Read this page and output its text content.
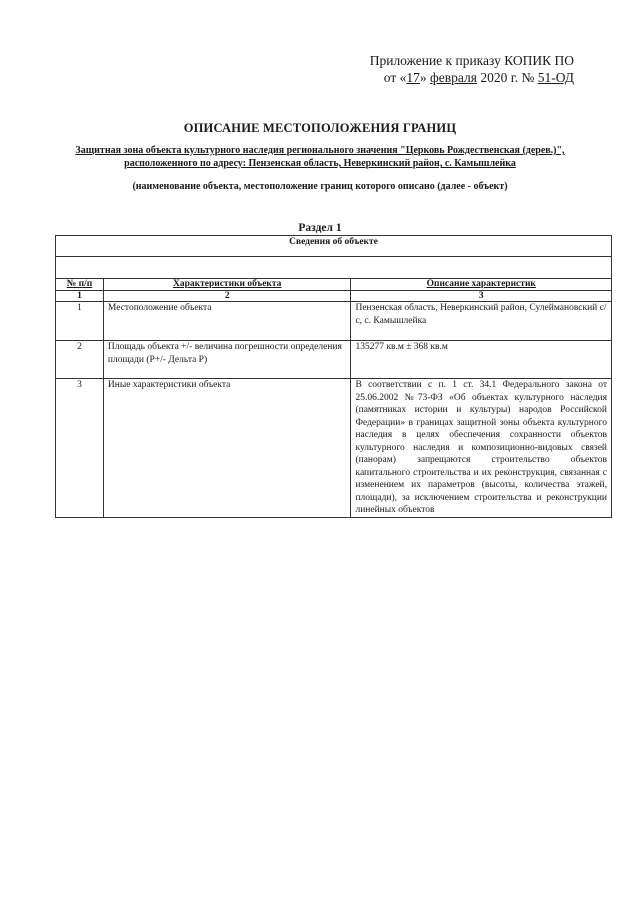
Приложение к приказу КОПИК ПО
от «17» февраля 2020 г. № 51-ОД
ОПИСАНИЕ МЕСТОПОЛОЖЕНИЯ ГРАНИЦ
Защитная зона объекта культурного наследия регионального значения "Церковь Рождественская (дерев.)",
расположенного по адресу: Пензенская область, Неверкинский район, с. Камышлейка
(наименование объекта, местоположение границ которого описано (далее - объект)
Раздел 1
Сведения об объекте		

№ п/п	Характеристики объекта	Описание характеристик
1	2	3
1	Местоположение объекта	Пензенская область, Неверкинский район, Сулеймановский с/с, с. Камышлейка
2	Площадь объекта +/- величина погрешности определения площади (Р+/- Дельта Р)	135277 кв.м ± 368 кв.м
3	Иные характеристики объекта	В соответствии с п. 1 ст. 34.1 Федерального закона от 25.06.2002 №73-ФЗ «Об объектах культурного наследия (памятниках истории и культуры) народов Российской Федерации» в границах защитной зоны объекта культурного наследия в целях обеспечения сохранности объектов культурного наследия и композиционно-видовых связей (панорам) запрещаются строительство объектов капитального строительства и их реконструкция, связанная с изменением их параметров (высоты, количества этажей, площади), за исключением строительства и реконструкции линейных объектов
